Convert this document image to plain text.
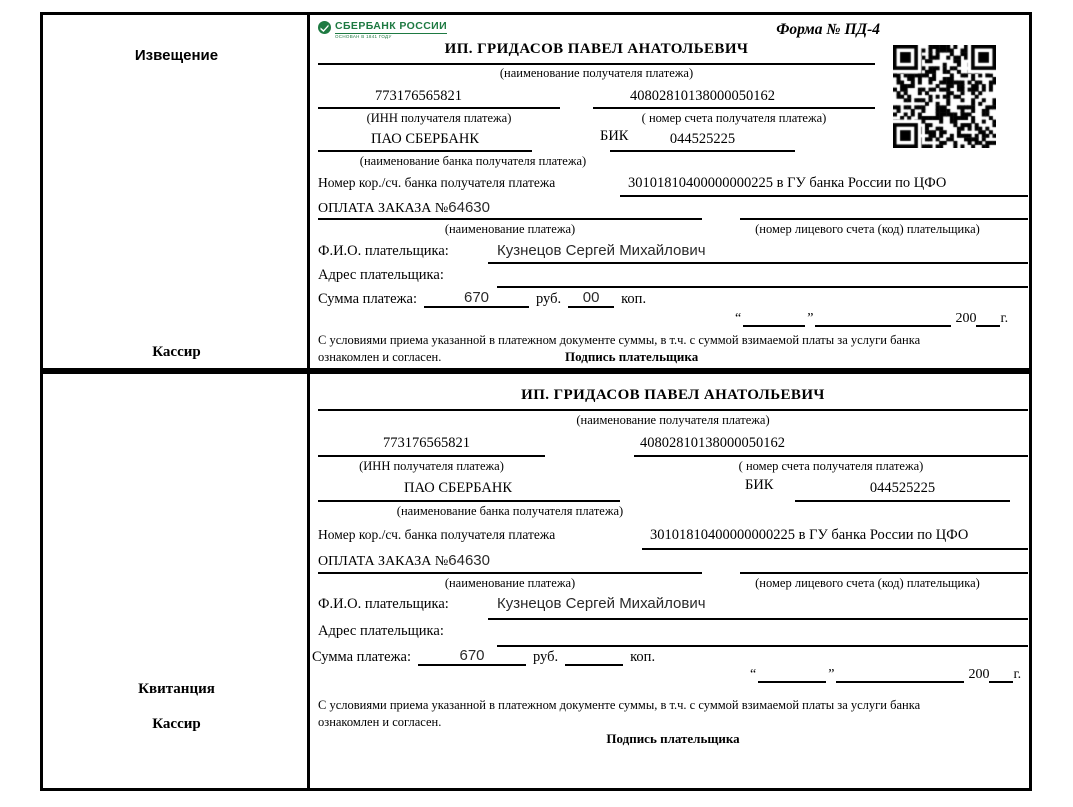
Извещение
Кассир
СБЕРБАНК РОССИИ
ОСНОВАН В 1841 ГОДУ	Форма № ПД-4
ИП. ГРИДАСОВ ПАВЕЛ АНАТОЛЬЕВИЧ
(наименование получателя платежа)
773176565821	40802810138000050162
(ИНН получателя платежа)	( номер счета получателя платежа)
ПАО СБЕРБАНК	БИК	044525225
(наименование банка получателя платежа)
Номер кор./сч. банка получателя платежа	30101810400000000225 в ГУ банка России по ЦФО
ОПЛАТА ЗАКАЗА №64630
(наименование платежа)	(номер лицевого счета (код) плательщика)
Ф.И.О. плательщика:	Кузнецов Сергей Михайлович
Адрес плательщика:
Сумма платежа:	670	руб.	00	коп.
“	”	200 г.
С условиями приема указанной в платежном документе суммы, в т.ч. с суммой взимаемой платы за услуги банка ознакомлен и согласен.	Подпись плательщика
Квитанция
Кассир
ИП. ГРИДАСОВ ПАВЕЛ АНАТОЛЬЕВИЧ
(наименование получателя платежа)
773176565821	40802810138000050162
(ИНН получателя платежа)	( номер счета получателя платежа)
ПАО СБЕРБАНК	БИК	044525225
(наименование банка получателя платежа)
Номер кор./сч. банка получателя платежа	30101810400000000225 в ГУ банка России по ЦФО
ОПЛАТА ЗАКАЗА №64630
(наименование платежа)	(номер лицевого счета (код) плательщика)
Ф.И.О. плательщика:	Кузнецов Сергей Михайлович
Адрес плательщика:
Сумма платежа:	670	руб.	коп.
“	”	200 г.
С условиями приема указанной в платежном документе суммы, в т.ч. с суммой взимаемой платы за услуги банка ознакомлен и согласен.
Подпись плательщика
